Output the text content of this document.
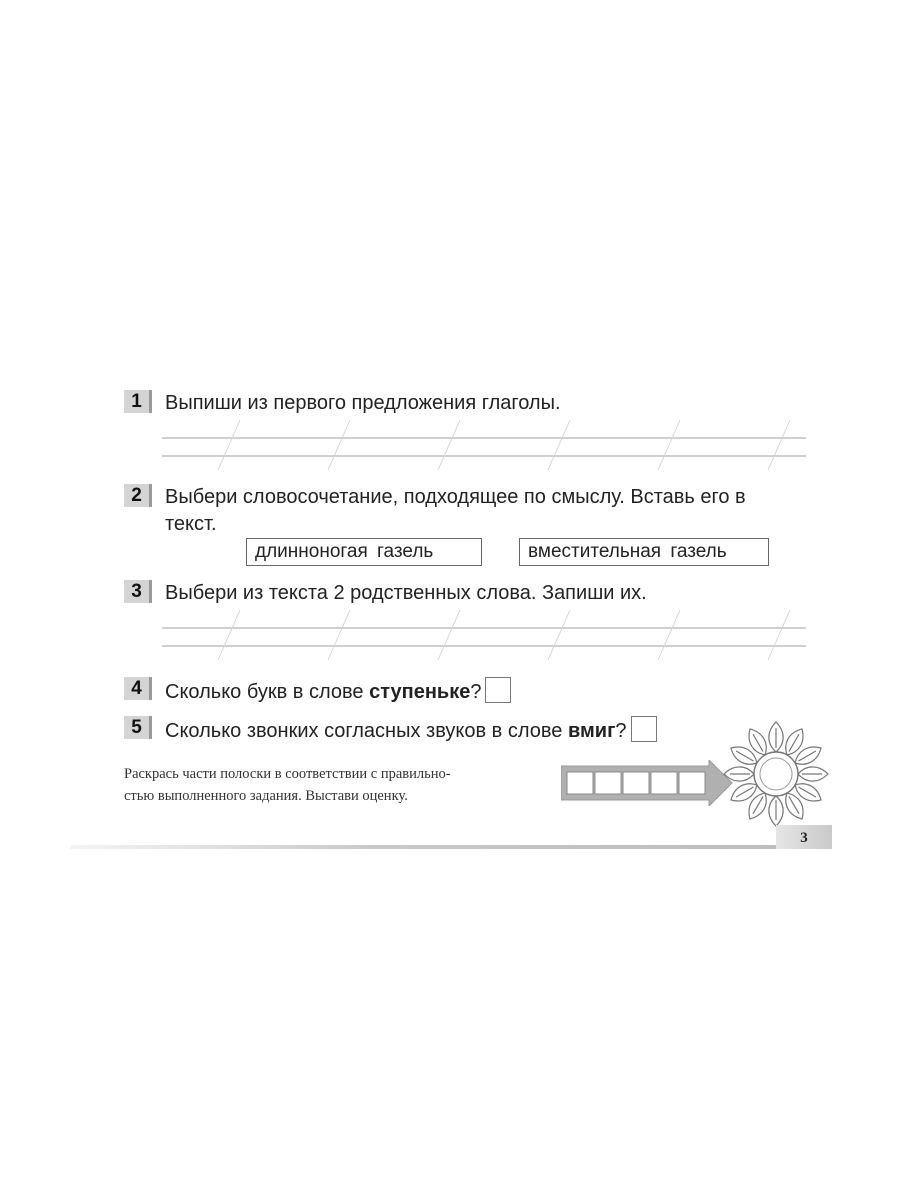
1	Выпиши из первого предложения глаголы.
2	Выбери словосочетание, подходящее по смыслу. Вставь его в
текст.
длинноногая газель	вместительная газель
3	Выбери из текста 2 родственных слова. Запиши их.
4	Сколько букв в слове ступеньке?
5	Сколько звонких согласных звуков в слове вмиг?
Раскрась части полоски в соответствии с правильно-
стью выполненного задания. Выстави оценку.
3
